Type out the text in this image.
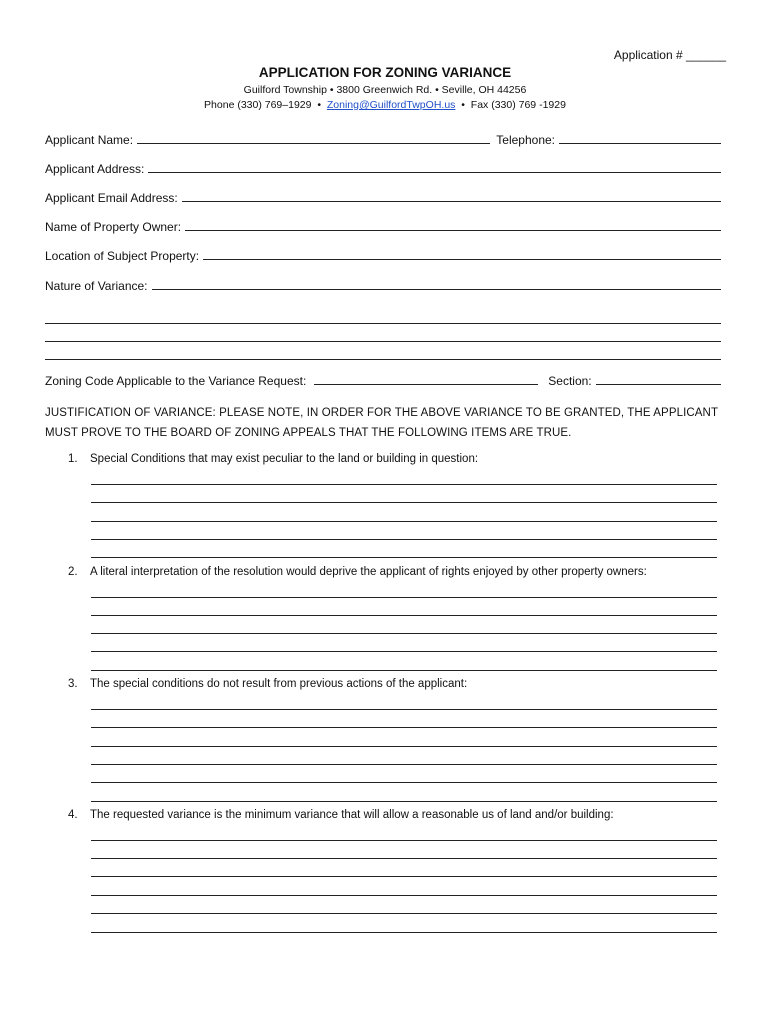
Application # ______
APPLICATION FOR ZONING VARIANCE
Guilford Township • 3800 Greenwich Rd. • Seville, OH 44256
Phone (330) 769–1929 • Zoning@GuilfordTwpOH.us • Fax (330) 769 -1929
Applicant Name:	Telephone:
Applicant Address:
Applicant Email Address:
Name of Property Owner:
Location of Subject Property:
Nature of Variance:
Zoning Code Applicable to the Variance Request:	Section:
JUSTIFICATION OF VARIANCE: PLEASE NOTE, IN ORDER FOR THE ABOVE VARIANCE TO BE GRANTED, THE APPLICANT MUST PROVE TO THE BOARD OF ZONING APPEALS THAT THE FOLLOWING ITEMS ARE TRUE.
1. Special Conditions that may exist peculiar to the land or building in question:
2. A literal interpretation of the resolution would deprive the applicant of rights enjoyed by other property owners:
3. The special conditions do not result from previous actions of the applicant:
4. The requested variance is the minimum variance that will allow a reasonable us of land and/or building:
